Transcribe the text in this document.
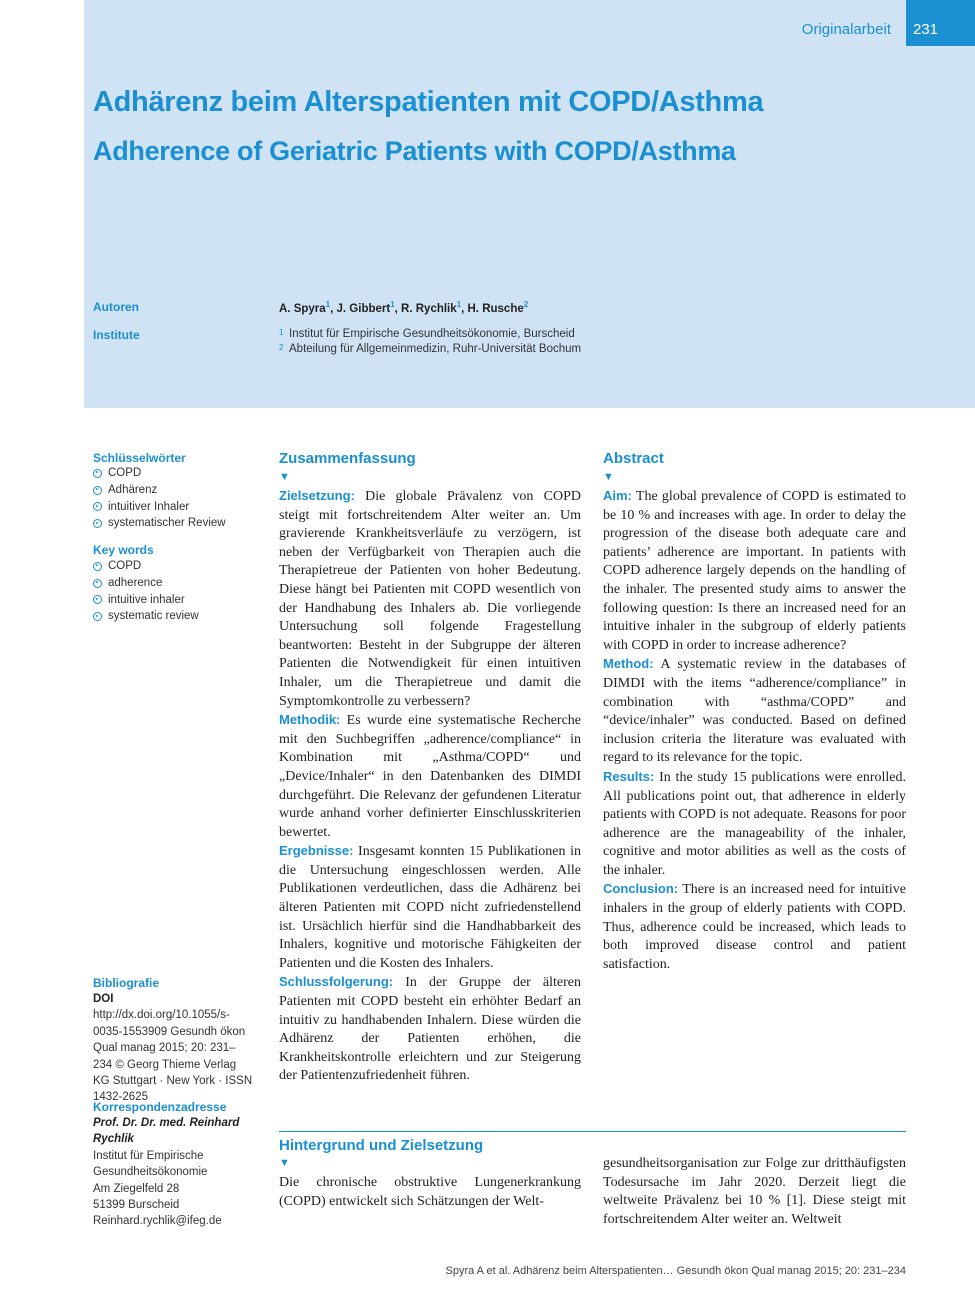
Originalarbeit	231
Adhärenz beim Alterspatienten mit COPD/Asthma
Adherence of Geriatric Patients with COPD/Asthma
Autoren	A. Spyra$^1$, J. Gibbert$^1$, R. Rychlik$^1$, H. Rusche$^2$
Institute	1 Institut für Empirische Gesundheitsökonomie, Burscheid
2 Abteilung für Allgemeinmedizin, Ruhr-Universität Bochum
Schlüsselwörter
COPD
Adhärenz
intuitiver Inhaler
systematischer Review
Key words
COPD
adherence
intuitive inhaler
systematic review
Bibliografie
DOI http://dx.doi.org/10.1055/s-0035-1553909 Gesundh ökon Qual manag 2015; 20: 231–234 © Georg Thieme Verlag KG Stuttgart · New York · ISSN 1432-2625
Korrespondenzadresse
Prof. Dr. Dr. med. Reinhard Rychlik
Institut für Empirische
Gesundheitsökonomie
Am Ziegelfeld 28
51399 Burscheid
Reinhard.rychlik@ifeg.de
Zusammenfassung
▼

Zielsetzung: Die globale Prävalenz von COPD steigt mit fortschreitendem Alter weiter an. Um gravierende Krankheitsverläufe zu verzögern, ist neben der Verfügbarkeit von Therapien auch die Therapietreue der Patienten von hoher Bedeutung. Diese hängt bei Patienten mit COPD wesentlich von der Handhabung des Inhalers ab. Die vorliegende Untersuchung soll folgende Fragestellung beantworten: Besteht in der Subgruppe der älteren Patienten die Notwendigkeit für einen intuitiven Inhaler, um die Therapietreue und damit die Symptomkontrolle zu verbessern?

Methodik: Es wurde eine systematische Recherche mit den Suchbegriffen „adherence/compliance“ in Kombination mit „Asthma/COPD“ und „Device/Inhaler“ in den Datenbanken des DIMDI durchgeführt. Die Relevanz der gefundenen Literatur wurde anhand vorher definierter Einschlusskriterien bewertet.

Ergebnisse: Insgesamt konnten 15 Publikationen in die Untersuchung eingeschlossen werden. Alle Publikationen verdeutlichen, dass die Adhärenz bei älteren Patienten mit COPD nicht zufriedenstellend ist. Ursächlich hierfür sind die Handhabbarkeit des Inhalers, kognitive und motorische Fähigkeiten der Patienten und die Kosten des Inhalers.

Schlussfolgerung: In der Gruppe der älteren Patienten mit COPD besteht ein erhöhter Bedarf an intuitiv zu handhabenden Inhalern. Diese würden die Adhärenz der Patienten erhöhen, die Krankheitskontrolle erleichtern und zur Steigerung der Patientenzufriedenheit führen.

Abstract
▼

Aim: The global prevalence of COPD is estimated to be 10 % and increases with age. In order to delay the progression of the disease both adequate care and patients’ adherence are important. In patients with COPD adherence largely depends on the handling of the inhaler. The presented study aims to answer the following question: Is there an increased need for an intuitive inhaler in the subgroup of elderly patients with COPD in order to increase adherence?

Method: A systematic review in the databases of DIMDI with the items “adherence/compliance” in combination with “asthma/COPD” and “device/inhaler” was conducted. Based on defined inclusion criteria the literature was evaluated with regard to its relevance for the topic.

Results: In the study 15 publications were enrolled. All publications point out, that adherence in elderly patients with COPD is not adequate. Reasons for poor adherence are the manageability of the inhaler, cognitive and motor abilities as well as the costs of the inhaler.

Conclusion: There is an increased need for intuitive inhalers in the group of elderly patients with COPD. Thus, adherence could be increased, which leads to both improved disease control and patient satisfaction.

Hintergrund und Zielsetzung
▼
Die chronische obstruktive Lungenerkrankung (COPD) entwickelt sich Schätzungen der Welt-
gesundheitsorganisation zur Folge zur dritthäufigsten Todesursache im Jahr 2020. Derzeit liegt die weltweite Prävalenz bei 10 % [1]. Diese steigt mit fortschreitendem Alter weiter an. Weltweit
Spyra A et al. Adhärenz beim Alterspatienten… Gesundh ökon Qual manag 2015; 20: 231–234
